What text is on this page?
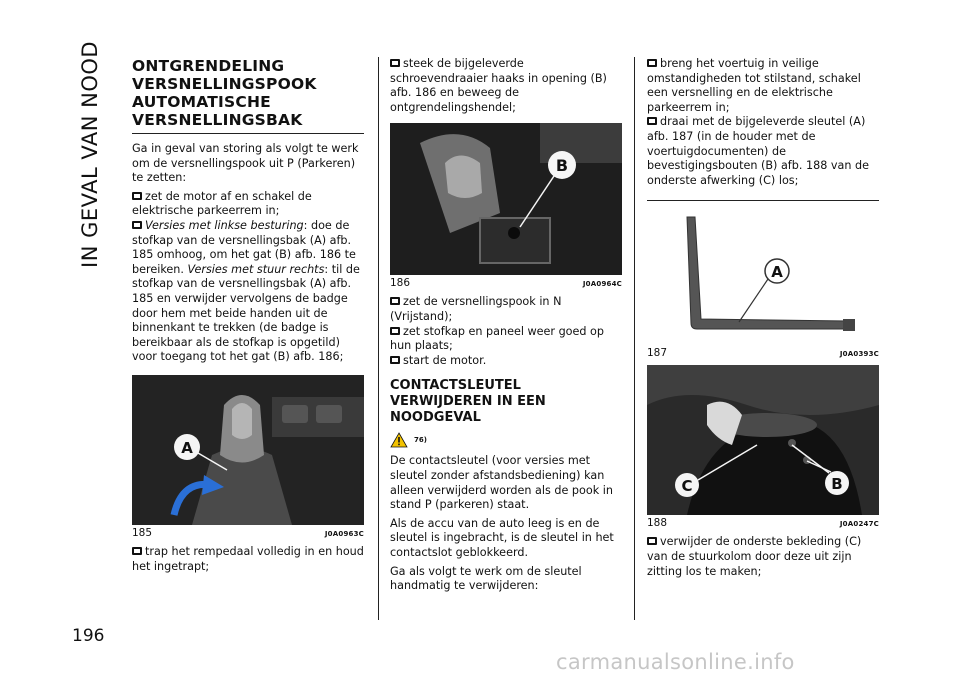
IN GEVAL VAN NOOD
196
ONTGRENDELING VERSNELLINGSPOOK AUTOMATISCHE VERSNELLINGSBAK

Ga in geval van storing als volgt te werk om de versnellingspook uit P (Parkeren) te zetten:

zet de motor af en schakel de elektrische parkeerrem in;
Versies met linkse besturing: doe de stofkap van de versnellingsbak (A) afb. 185 omhoog, om het gat (B) afb. 186 te bereiken. Versies met stuur rechts: til de stofkap van de versnellingsbak (A) afb. 185 en verwijder vervolgens de badge door hem met beide handen uit de binnenkant te trekken (de badge is bereikbaar als de stofkap is opgetild) voor toegang tot het gat (B) afb. 186;
A
185	J0A0963C
trap het rempedaal volledig in en houd het ingetrapt;
steek de bijgeleverde schroevendraaier haaks in opening (B) afb. 186 en beweeg de ontgrendelingshendel;
B
186	J0A0964C
zet de versnellingspook in N (Vrijstand);
zet stofkap en paneel weer goed op hun plaats;
start de motor.
CONTACTSLEUTEL VERWIJDEREN IN EEN NOODGEVAL
76)

De contactsleutel (voor versies met sleutel zonder afstandsbediening) kan alleen verwijderd worden als de pook in stand P (parkeren) staat.

Als de accu van de auto leeg is en de sleutel is ingebracht, is de sleutel in het contactslot geblokkeerd.

Ga als volgt te werk om de sleutel handmatig te verwijderen:

breng het voertuig in veilige omstandigheden tot stilstand, schakel een versnelling en de elektrische parkeerrem in;
draai met de bijgeleverde sleutel (A) afb. 187 (in de houder met de voertuigdocumenten) de bevestigingsbouten (B) afb. 188 van de onderste afwerking (C) los;
A
187	J0A0393C
C	B
188	J0A0247C
verwijder de onderste bekleding (C) van de stuurkolom door deze uit zijn zitting los te maken;
carmanualsonline.info
